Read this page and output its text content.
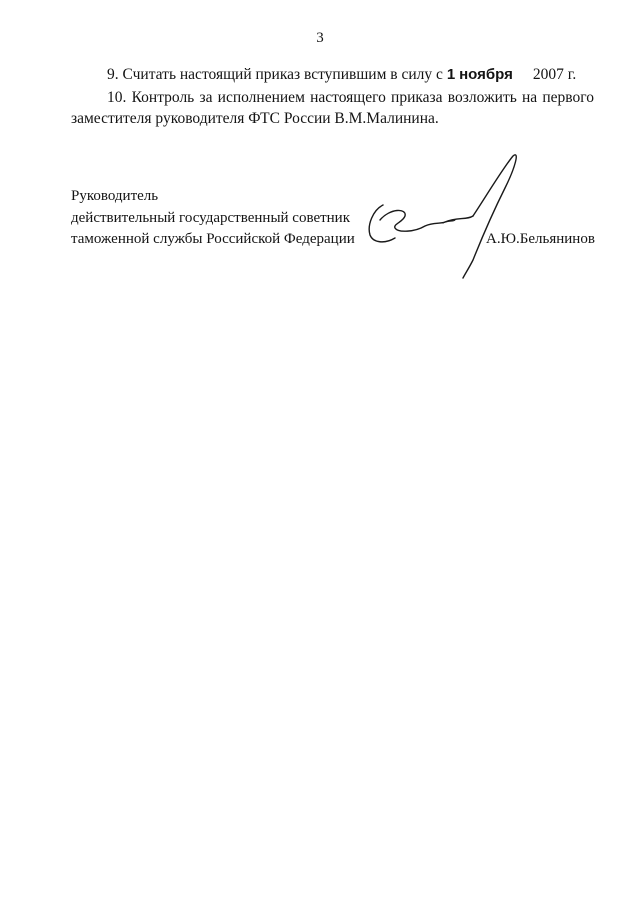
3
9. Считать настоящий приказ вступившим в силу с 1 ноября 2007 г.
10. Контроль за исполнением настоящего приказа возложить на первого
заместителя руководителя ФТС России В.М.Малинина.
Руководитель
действительный государственный советник
таможенной службы Российской Федерации	А.Ю.Бельянинов
